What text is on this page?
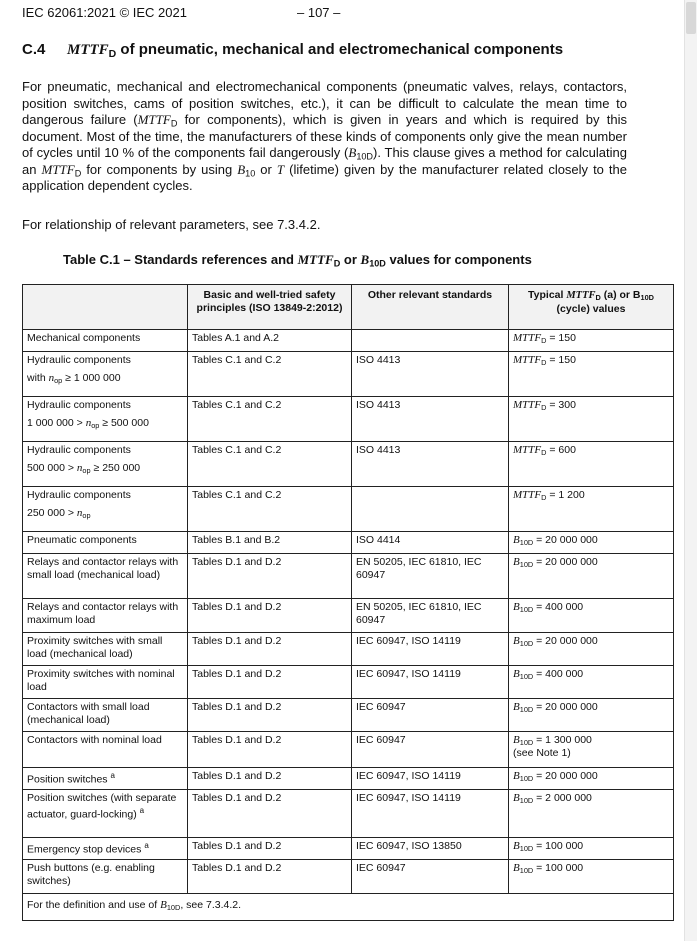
IEC 62061:2021 © IEC 2021	– 107 –
C.4 $MTTF_D$ of pneumatic, mechanical and electromechanical components
For pneumatic, mechanical and electromechanical components (pneumatic valves, relays, contactors, position switches, cams of position switches, etc.), it can be difficult to calculate the mean time to dangerous failure ($MTTF_D$ for components), which is given in years and which is required by this document. Most of the time, the manufacturers of these kinds of components only give the mean number of cycles until 10 % of the components fail dangerously $(B_{10D})$. This clause gives a method for calculating an $MTTF_D$ for components by using $B_{10}$ or T (lifetime) given by the manufacturer related closely to the application dependent cycles.
For relationship of relevant parameters, see 7.3.4.2.
Table C.1 – Standards references and $MTTF_D$ or $B_{10D}$ values for components
	Basic and well-tried safety principles (ISO 13849-2:2012)	Other relevant standards	Typical $MTTF_D$ (a) or $B_{10D}$ (cycle) values
Mechanical components	Tables A.1 and A.2		$MTTF_D = 150$
Hydraulic components
with $n_{op} \ge 1$ 000 000	Tables C.1 and C.2	ISO 4413	$MTTF_D = 150$
Hydraulic components
1 000 $000 > n_{op} \ge 500$ 000	Tables C.1 and C.2	ISO 4413	$MTTF_D = 300$
Hydraulic components
500 $000 > n_{op} \ge 250$ 000	Tables C.1 and C.2	ISO 4413	$MTTF_D = 600$
Hydraulic components
250 $000 > n_{op}$	Tables C.1 and C.2		$MTTF_D = 1$ 200
Pneumatic components	Tables B.1 and B.2	ISO 4414	$B_{10D} = 20$ 000 000
Relays and contactor relays with small load (mechanical load)	Tables D.1 and D.2	EN 50205, IEC 61810, IEC 60947	$B_{10D} = 20$ 000 000
Relays and contactor relays with maximum load	Tables D.1 and D.2	EN 50205, IEC 61810, IEC 60947	$B_{10D} = 400$ 000
Proximity switches with small load (mechanical load)	Tables D.1 and D.2	IEC 60947, ISO 14119	$B_{10D} = 20$ 000 000
Proximity switches with nominal load	Tables D.1 and D.2	IEC 60947, ISO 14119	$B_{10D} = 400$ 000
Contactors with small load (mechanical load)	Tables D.1 and D.2	IEC 60947	$B_{10D} = 20$ 000 000
Contactors with nominal load	Tables D.1 and D.2	IEC 60947	$B_{10D} = 1$ 300 000
(see Note 1)

Position switches $^a$	Tables D.1 and D.2	IEC 60947, ISO 14119	$B_{10D} = 20$ 000 000
Position switches (with separate actuator, guard-locking) $^a$	Tables D.1 and D.2	IEC 60947, ISO 14119	$B_{10D} = 2$ 000 000
Emergency stop devices $^a$	Tables D.1 and D.2	IEC 60947, ISO 13850	$B_{10D} = 100$ 000
Push buttons (e.g. enabling switches)	Tables D.1 and D.2	IEC 60947	$B_{10D} = 100$ 000
For the definition and use of $B_{10D}$, see 7.3.4.2.			
